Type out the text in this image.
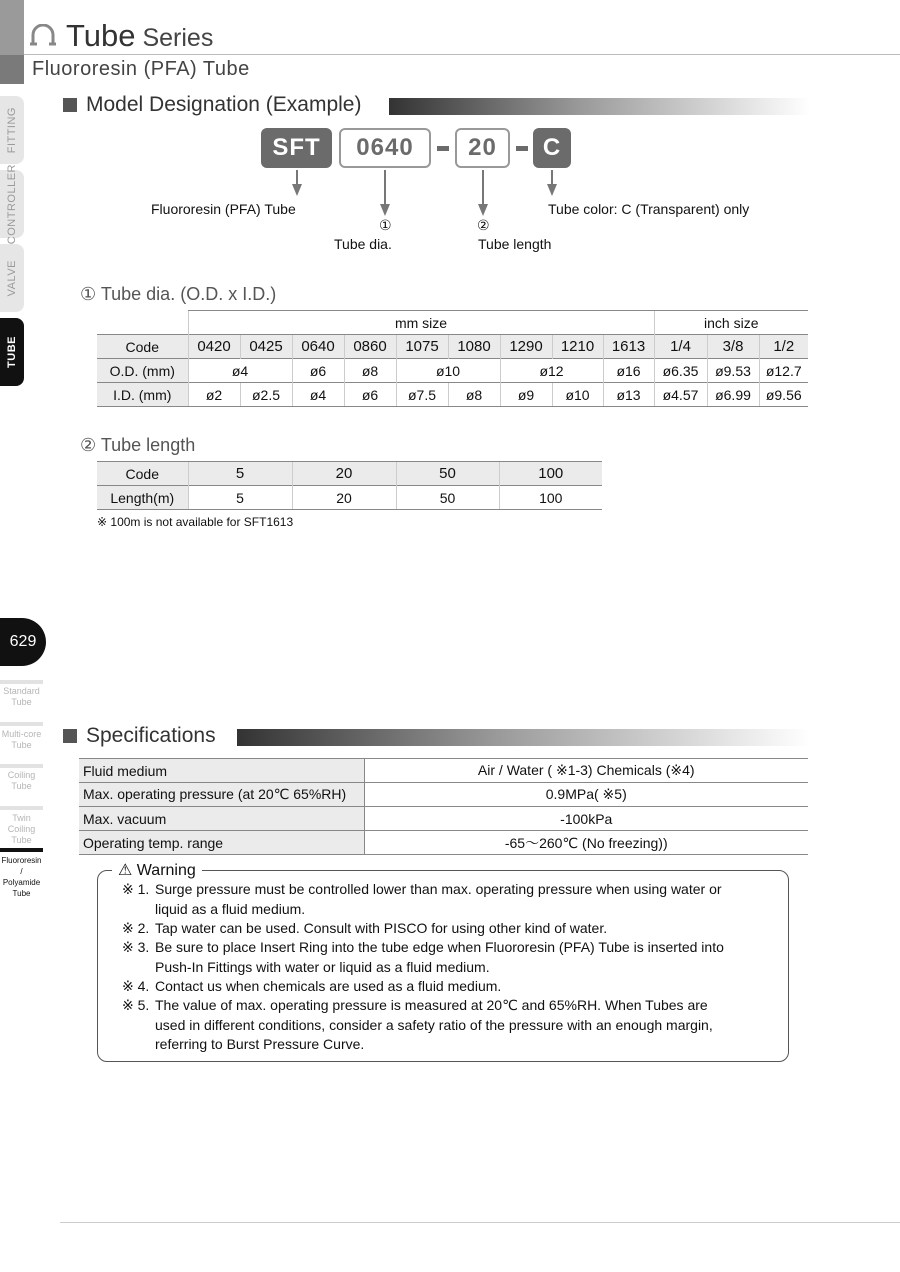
Tube Series
Fluororesin (PFA) Tube
FITTING
CONTROLLER
VALVE
TUBE
629
Standard
Tube
Multi-core
Tube
Coiling
Tube
Twin Coiling
Tube
Fluororesin /
Polyamide Tube
Model Designation (Example)
SFT	0640	20	C
Fluororesin (PFA) Tube
①
Tube dia.
②
Tube length
Tube color: C (Transparent) only
① Tube dia. (O.D. x I.D.)
	mm size									inch size		
Code	0420	0425	0640	0860	1075	1080	1290	1210	1613	1/4	3/8	1/2
O.D. (mm)	ø4		ø6	ø8	ø10		ø12		ø16	ø6.35	ø9.53	ø12.7
I.D. (mm)	ø2	ø2.5	ø4	ø6	ø7.5	ø8	ø9	ø10	ø13	ø4.57	ø6.99	ø9.56
② Tube length
Code	5	20	50	100
Length(m)	5	20	50	100
※ 100m is not available for SFT1613
Specifications
Fluid medium	Air / Water ( ※1-3) Chemicals (※4)
Max. operating pressure (at 20℃ 65%RH)	0.9MPa( ※5)
Max. vacuum	-100kPa
Operating temp. range	-65～260℃ (No freezing))
⚠ Warning
※ 1. Surge pressure must be controlled lower than max. operating pressure when using water or
liquid as a fluid medium.
※ 2. Tap water can be used. Consult with PISCO for using other kind of water.
※ 3. Be sure to place Insert Ring into the tube edge when Fluororesin (PFA) Tube is inserted into
Push-In Fittings with water or liquid as a fluid medium.
※ 4. Contact us when chemicals are used as a fluid medium.
※ 5. The value of max. operating pressure is measured at 20℃ and 65%RH. When Tubes are
used in different conditions, consider a safety ratio of the pressure with an enough margin, referring to Burst Pressure Curve.
